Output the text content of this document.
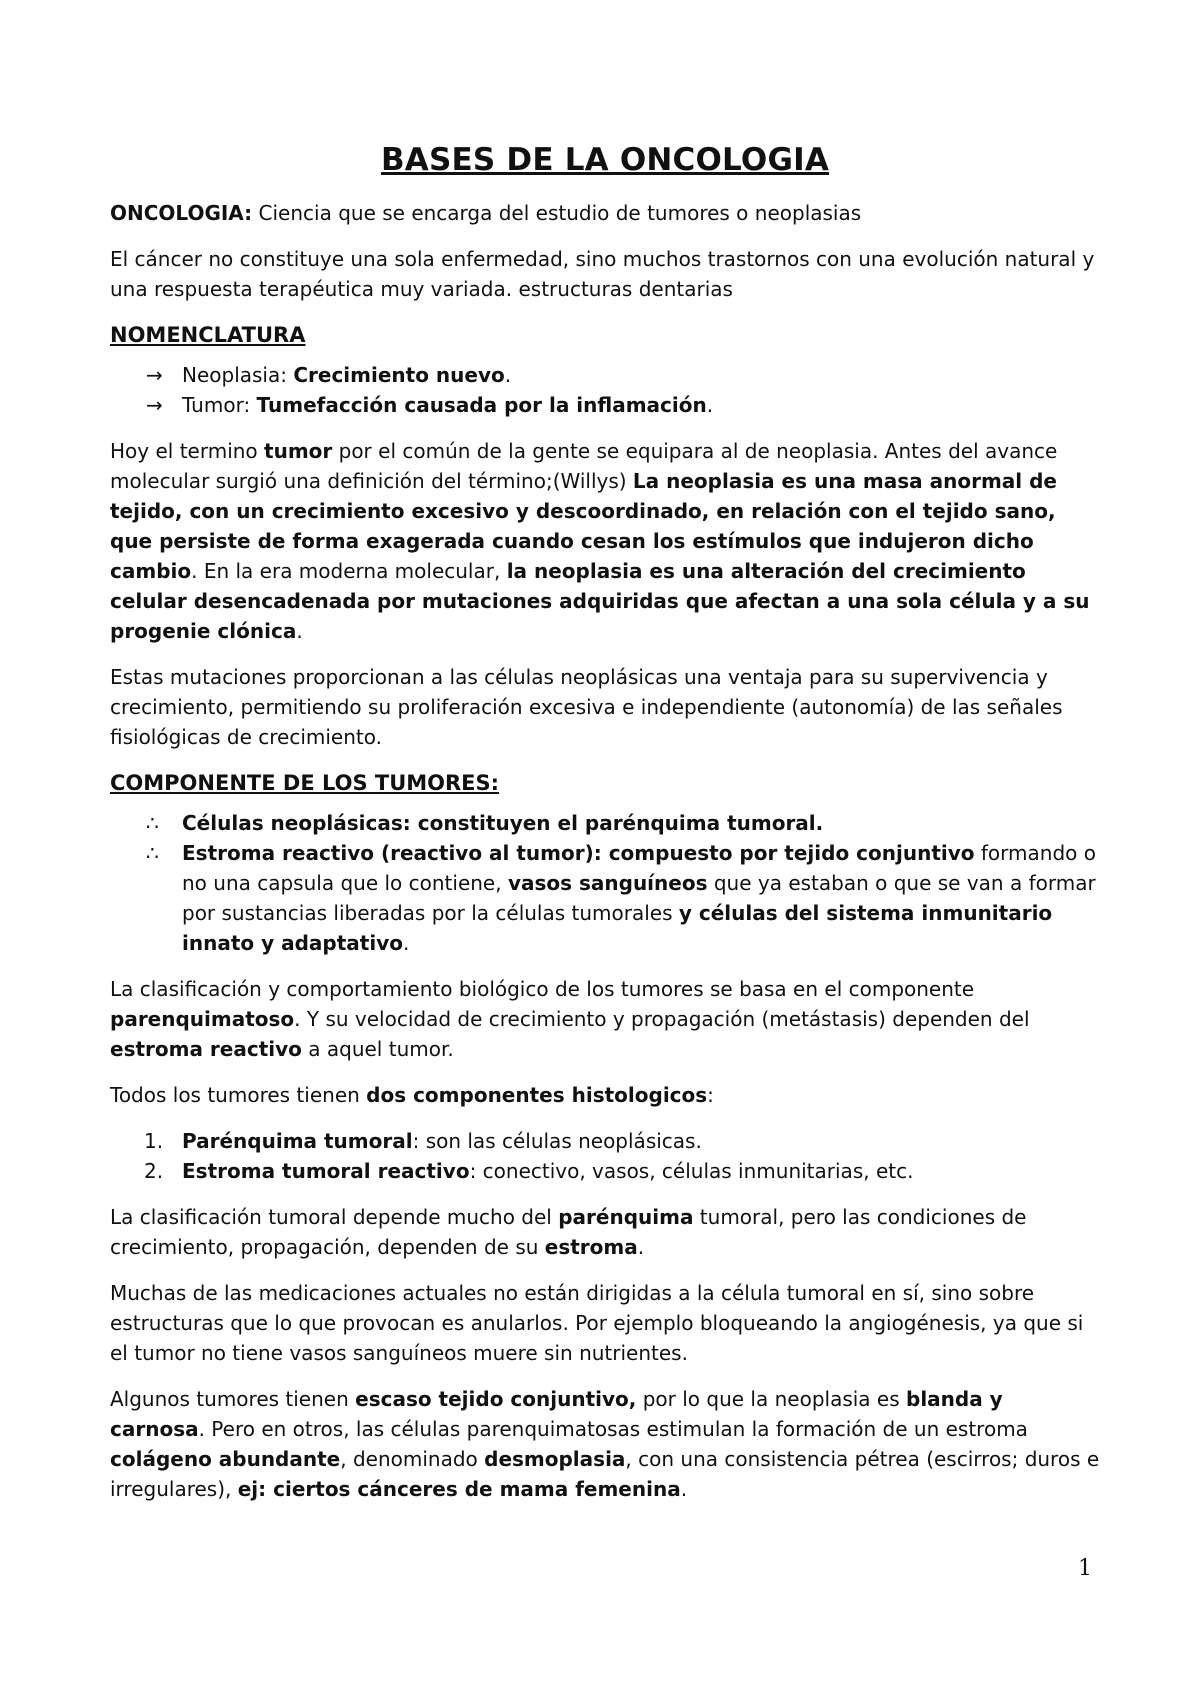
BASES DE LA ONCOLOGIA

ONCOLOGIA: Ciencia que se encarga del estudio de tumores o neoplasias

El cáncer no constituye una sola enfermedad, sino muchos trastornos con una evolución natural y una respuesta terapéutica muy variada. estructuras dentarias

NOMENCLATURA

→ Neoplasia: Crecimiento nuevo.
→ Tumor: Tumefacción causada por la inflamación.

Hoy el termino tumor por el común de la gente se equipara al de neoplasia. Antes del avance molecular surgió una definición del término;(Willys) La neoplasia es una masa anormal de tejido, con un crecimiento excesivo y descoordinado, en relación con el tejido sano, que persiste de forma exagerada cuando cesan los estímulos que indujeron dicho cambio. En la era moderna molecular, la neoplasia es una alteración del crecimiento celular desencadenada por mutaciones adquiridas que afectan a una sola célula y a su progenie clónica.

Estas mutaciones proporcionan a las células neoplásicas una ventaja para su supervivencia y crecimiento, permitiendo su proliferación excesiva e independiente (autonomía) de las señales fisiológicas de crecimiento.

COMPONENTE DE LOS TUMORES:

∴	Células neoplásicas: constituyen el parénquima tumoral.
∴	Estroma reactivo (reactivo al tumor): compuesto por tejido conjuntivo formando o no una capsula que lo contiene, vasos sanguíneos que ya estaban o que se van a formar por sustancias liberadas por la células tumorales y células del sistema inmunitario innato y adaptativo.

La clasificación y comportamiento biológico de los tumores se basa en el componente parenquimatoso. Y su velocidad de crecimiento y propagación (metástasis) dependen del estroma reactivo a aquel tumor.

Todos los tumores tienen dos componentes histologicos:

1. Parénquima tumoral: son las células neoplásicas.
2. Estroma tumoral reactivo: conectivo, vasos, células inmunitarias, etc.

La clasificación tumoral depende mucho del parénquima tumoral, pero las condiciones de crecimiento, propagación, dependen de su estroma.

Muchas de las medicaciones actuales no están dirigidas a la célula tumoral en sí, sino sobre estructuras que lo que provocan es anularlos. Por ejemplo bloqueando la angiogénesis, ya que si el tumor no tiene vasos sanguíneos muere sin nutrientes.

Algunos tumores tienen escaso tejido conjuntivo, por lo que la neoplasia es blanda y carnosa. Pero en otros, las células parenquimatosas estimulan la formación de un estroma colágeno abundante, denominado desmoplasia, con una consistencia pétrea (escirros; duros e irregulares), ej: ciertos cánceres de mama femenina.

1
